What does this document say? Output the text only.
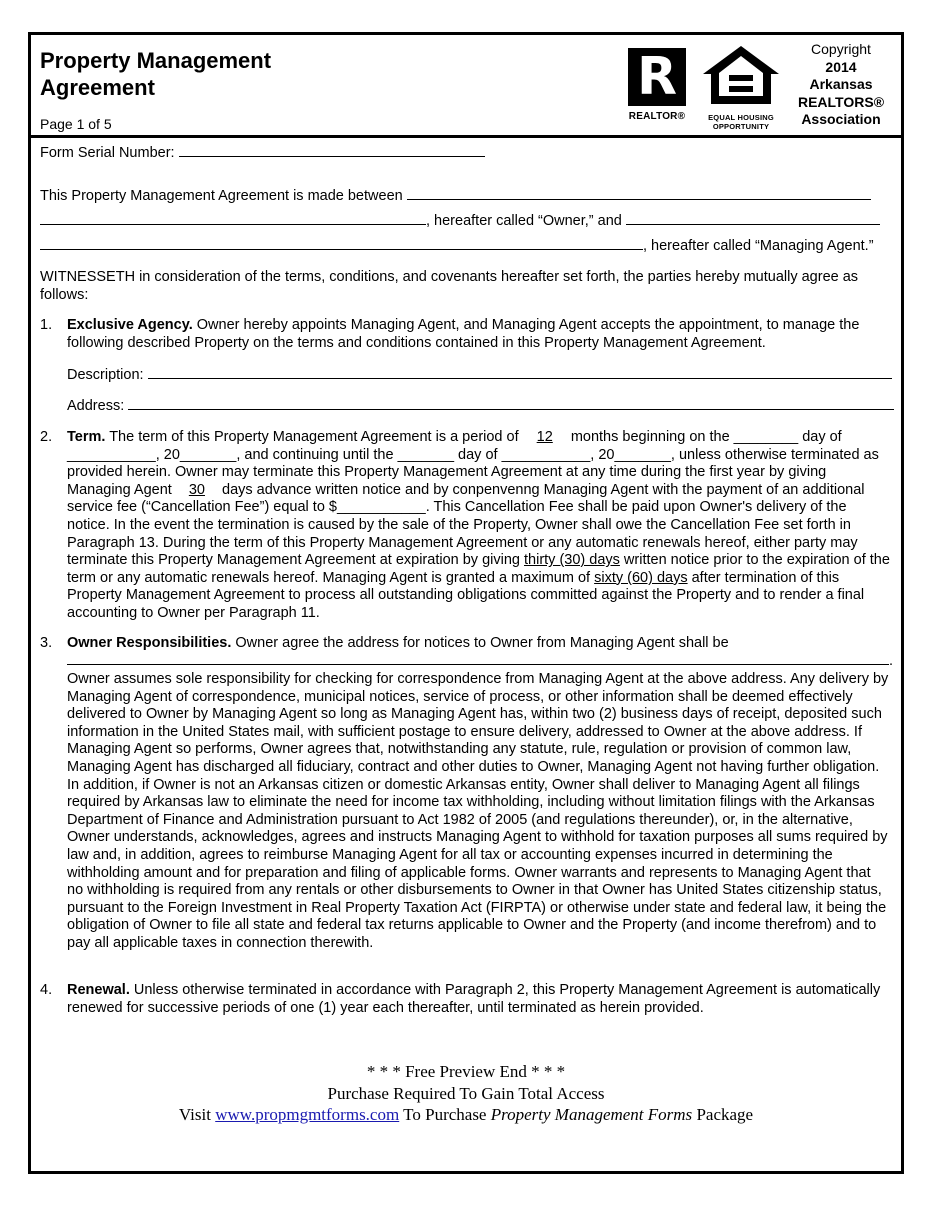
Property Management
Agreement
Page 1 of 5
R
REALTOR®	EQUAL HOUSING
OPPORTUNITY
Copyright
2014
Arkansas
REALTORS®
Association
Form Serial Number:
This Property Management Agreement is made between
, hereafter called “Owner,” and
, hereafter called “Managing Agent.”
WITNESSETH in consideration of the terms, conditions, and covenants hereafter set forth, the parties hereby mutually agree as follows:
1. Exclusive Agency. Owner hereby appoints Managing Agent, and Managing Agent accepts the appointment, to manage the following described Property on the terms and conditions contained in this Property Management Agreement.
Description:
Address:
2. Term. The term of this Property Management Agreement is a period of 12 months beginning on the ________ day of ___________, 20_______, and continuing until the _______ day of ___________, 20_______, unless otherwise terminated as provided herein. Owner may terminate this Property Management Agreement at any time during the first year by giving Managing Agent 30 days advance written notice and by conpenvenng Managing Agent with the payment of an additional service fee (“Cancellation Fee”) equal to $___________. This Cancellation Fee shall be paid upon Owner's delivery of the notice. In the event the termination is caused by the sale of the Property, Owner shall owe the Cancellation Fee set forth in Paragraph 13. During the term of this Property Management Agreement or any automatic renewals hereof, either party may terminate this Property Management Agreement at expiration by giving thirty (30) days written notice prior to the expiration of the term or any automatic renewals hereof. Managing Agent is granted a maximum of sixty (60) days after termination of this Property Management Agreement to process all outstanding obligations committed against the Property and to render a final accounting to Owner per Paragraph 11.
3. Owner Responsibilities. Owner agree the address for notices to Owner from Managing Agent shall be
.
Owner assumes sole responsibility for checking for correspondence from Managing Agent at the above address. Any delivery by Managing Agent of correspondence, municipal notices, service of process, or other information shall be deemed effectively delivered to Owner by Managing Agent so long as Managing Agent has, within two (2) business days of receipt, deposited such information in the United States mail, with sufficient postage to ensure delivery, addressed to Owner at the above address. If Managing Agent so performs, Owner agrees that, notwithstanding any statute, rule, regulation or provision of common law, Managing Agent has discharged all fiduciary, contract and other duties to Owner, Managing Agent not having further obligation. In addition, if Owner is not an Arkansas citizen or domestic Arkansas entity, Owner shall deliver to Managing Agent all filings required by Arkansas law to eliminate the need for income tax withholding, including without limitation filings with the Arkansas Department of Finance and Administration pursuant to Act 1982 of 2005 (and regulations thereunder), or, in the alternative, Owner understands, acknowledges, agrees and instructs Managing Agent to withhold for taxation purposes all sums required by law and, in addition, agrees to reimburse Managing Agent for all tax or accounting expenses incurred in determining the withholding amount and for preparation and filing of applicable forms. Owner warrants and represents to Managing Agent that no withholding is required from any rentals or other disbursements to Owner in that Owner has United States citizenship status, pursuant to the Foreign Investment in Real Property Taxation Act (FIRPTA) or otherwise under state and federal law, it being the obligation of Owner to file all state and federal tax returns applicable to Owner and the Property (and income therefrom) and to pay all applicable taxes in connection therewith.
4. Renewal. Unless otherwise terminated in accordance with Paragraph 2, this Property Management Agreement is automatically renewed for successive periods of one (1) year each thereafter, until terminated as herein provided.
* * * Free Preview End * * *
Purchase Required To Gain Total Access
Visit www.propmgmtforms.com To Purchase Property Management Forms Package
